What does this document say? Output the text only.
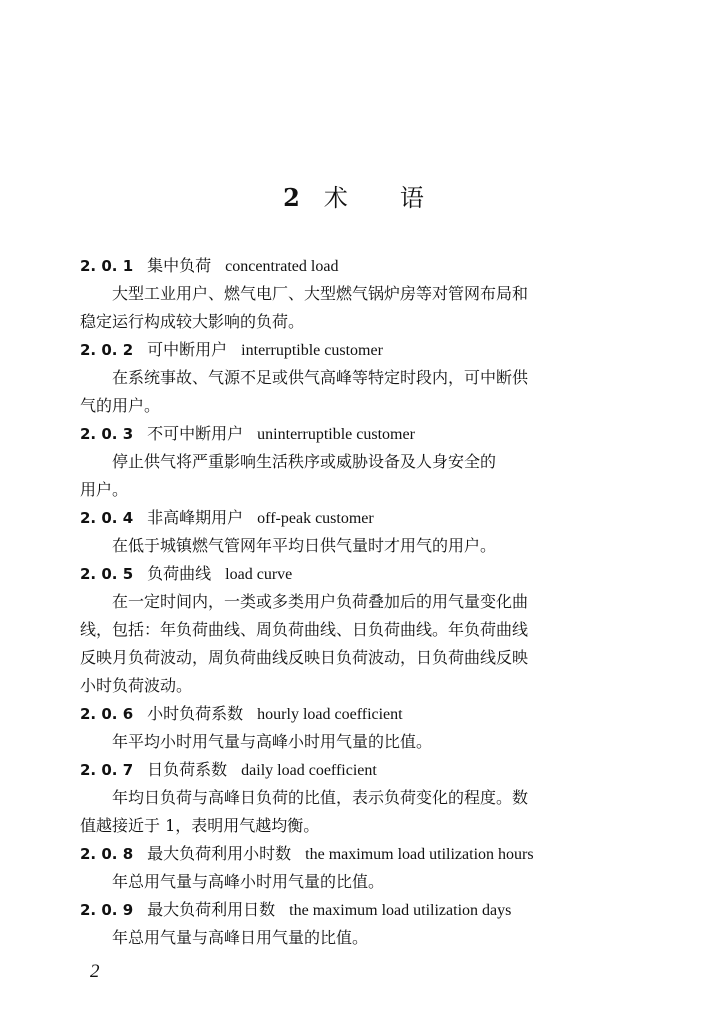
2 术 语
2. 0. 1 集中负荷 concentrated load

大型工业用户、燃气电厂、大型燃气锅炉房等对管网布局和
稳定运行构成较大影响的负荷。

2. 0. 2 可中断用户 interruptible customer

在系统事故、气源不足或供气高峰等特定时段内，可中断供
气的用户。

2. 0. 3 不可中断用户 uninterruptible customer

停止供气将严重影响生活秩序或威胁设备及人身安全的
用户。

2. 0. 4 非高峰期用户 off-peak customer

在低于城镇燃气管网年平均日供气量时才用气的用户。

2. 0. 5 负荷曲线 load curve

在一定时间内，一类或多类用户负荷叠加后的用气量变化曲
线，包括：年负荷曲线、周负荷曲线、日负荷曲线。年负荷曲线
反映月负荷波动，周负荷曲线反映日负荷波动，日负荷曲线反映
小时负荷波动。

2. 0. 6 小时负荷系数 hourly load coefficient

年平均小时用气量与高峰小时用气量的比值。

2. 0. 7 日负荷系数 daily load coefficient

年均日负荷与高峰日负荷的比值，表示负荷变化的程度。数
值越接近于 1，表明用气越均衡。

2. 0. 8 最大负荷利用小时数 the maximum load utilization hours

年总用气量与高峰小时用气量的比值。

2. 0. 9 最大负荷利用日数 the maximum load utilization days

年总用气量与高峰日用气量的比值。

2
